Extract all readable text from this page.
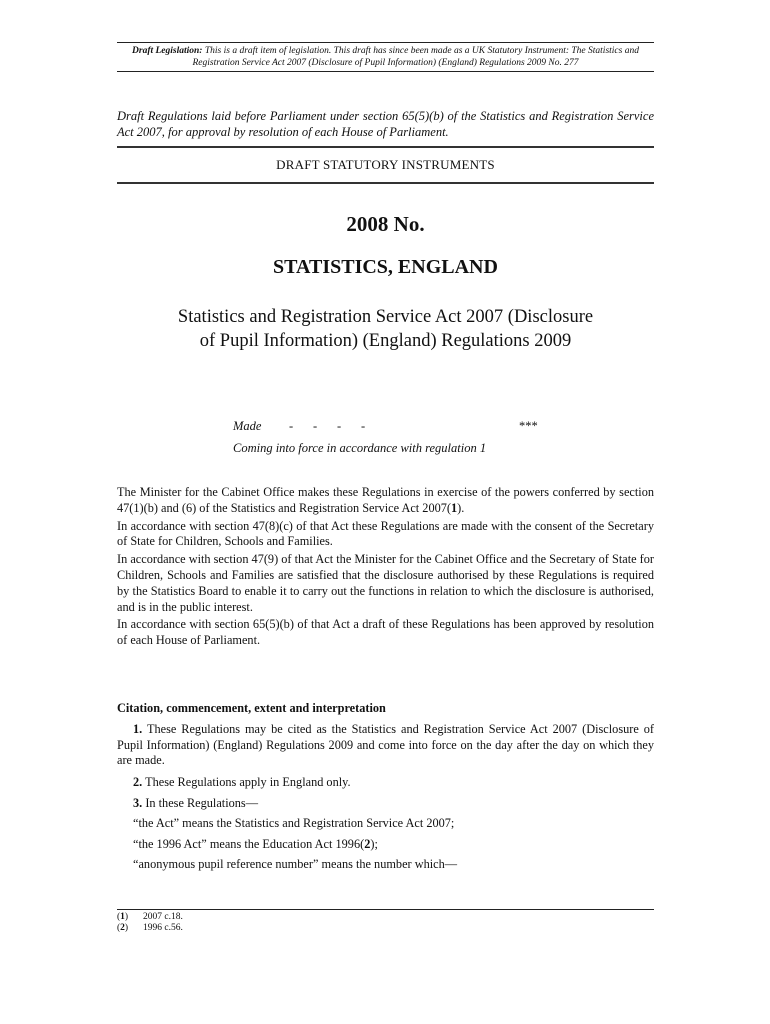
Draft Legislation: This is a draft item of legislation. This draft has since been made as a UK Statutory Instrument: The Statistics and Registration Service Act 2007 (Disclosure of Pupil Information) (England) Regulations 2009 No. 277
Draft Regulations laid before Parliament under section 65(5)(b) of the Statistics and Registration Service Act 2007, for approval by resolution of each House of Parliament.
DRAFT STATUTORY INSTRUMENTS
2008 No.
STATISTICS, ENGLAND
Statistics and Registration Service Act 2007 (Disclosure
of Pupil Information) (England) Regulations 2009
Made	- - - -	***
Coming into force in accordance with regulation 1

The Minister for the Cabinet Office makes these Regulations in exercise of the powers conferred by section 47(1)(b) and (6) of the Statistics and Registration Service Act 2007(1).

In accordance with section 47(8)(c) of that Act these Regulations are made with the consent of the Secretary of State for Children, Schools and Families.

In accordance with section 47(9) of that Act the Minister for the Cabinet Office and the Secretary of State for Children, Schools and Families are satisfied that the disclosure authorised by these Regulations is required by the Statistics Board to enable it to carry out the functions in relation to which the disclosure is authorised, and is in the public interest.

In accordance with section 65(5)(b) of that Act a draft of these Regulations has been approved by resolution of each House of Parliament.

Citation, commencement, extent and interpretation

1. These Regulations may be cited as the Statistics and Registration Service Act 2007 (Disclosure of Pupil Information) (England) Regulations 2009 and come into force on the day after the day on which they are made.

2. These Regulations apply in England only.

3. In these Regulations—

“the Act” means the Statistics and Registration Service Act 2007;

“the 1996 Act” means the Education Act 1996(2);

“anonymous pupil reference number” means the number which—

(1)	2007 c.18.
(2)	1996 c.56.
